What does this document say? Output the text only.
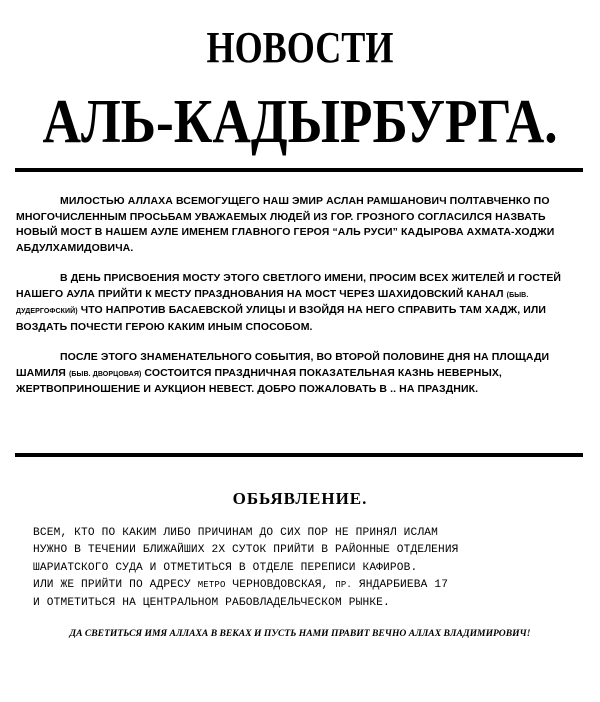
НОВОСТИ
АЛЬ-КАДЫРБУРГА.

МИЛОСТЬЮ АЛЛАХА ВСЕМОГУЩЕГО НАШ ЭМИР АСЛАН РАМШАНОВИЧ ПОЛТАВЧЕНКО ПО МНОГОЧИСЛЕННЫМ ПРОСЬБАМ УВАЖАЕМЫХ ЛЮДЕЙ ИЗ ГОР. ГРОЗНОГО СОГЛАСИЛСЯ НАЗВАТЬ НОВЫЙ МОСТ В НАШЕМ АУЛЕ ИМЕНЕМ ГЛАВНОГО ГЕРОЯ “АЛЬ РУСИ” КАДЫРОВА АХМАТА-ХОДЖИ АБДУЛХАМИДОВИЧА.

В ДЕНЬ ПРИСВОЕНИЯ МОСТУ ЭТОГО СВЕТЛОГО ИМЕНИ, ПРОСИМ ВСЕХ ЖИТЕЛЕЙ И ГОСТЕЙ НАШЕГО АУЛА ПРИЙТИ К МЕСТУ ПРАЗДНОВАНИЯ НА МОСТ ЧЕРЕЗ ШАХИДОВСКИЙ КАНАЛ (БЫВ. ДУДЕРГОФСКИЙ) ЧТО НАПРОТИВ БАСАЕВСКОЙ УЛИЦЫ И ВЗОЙДЯ НА НЕГО СПРАВИТЬ ТАМ ХАДЖ, ИЛИ ВОЗДАТЬ ПОЧЕСТИ ГЕРОЮ КАКИМ ИНЫМ СПОСОБОМ.

ПОСЛЕ ЭТОГО ЗНАМЕНАТЕЛЬНОГО СОБЫТИЯ, ВО ВТОРОЙ ПОЛОВИНЕ ДНЯ НА ПЛОЩАДИ ШАМИЛЯ (БЫВ. ДВОРЦОВАЯ) СОСТОИТСЯ ПРАЗДНИЧНАЯ ПОКАЗАТЕЛЬНАЯ КАЗНЬ НЕВЕРНЫХ, ЖЕРТВОПРИНОШЕНИЕ И АУКЦИОН НЕВЕСТ. ДОБРО ПОЖАЛОВАТЬ В .. НА ПРАЗДНИК.

ОБЬЯВЛЕНИЕ.
ВСЕМ, КТО ПО КАКИМ ЛИБО ПРИЧИНАМ ДО СИХ ПОР НЕ ПРИНЯЛ ИСЛАМ
НУЖНО В ТЕЧЕНИИ БЛИЖАЙШИХ 2Х СУТОК ПРИЙТИ В РАЙОННЫЕ ОТДЕЛЕНИЯ
ШАРИАТСКОГО СУДА И ОТМЕТИТЬСЯ В ОТДЕЛЕ ПЕРЕПИСИ КАФИРОВ.
ИЛИ ЖЕ ПРИЙТИ ПО АДРЕСУ МЕТРО ЧЕРНОВДОВСКАЯ, ПР. ЯНДАРБИЕВА 17
И ОТМЕТИТЬСЯ НА ЦЕНТРАЛЬНОМ РАБОВЛАДЕЛЬЧЕСКОМ РЫНКЕ.
ДА СВЕТИТЬСЯ ИМЯ АЛЛАХА В ВЕКАХ И ПУСТЬ НАМИ ПРАВИТ ВЕЧНО АЛЛАХ ВЛАДИМИРОВИЧ!
